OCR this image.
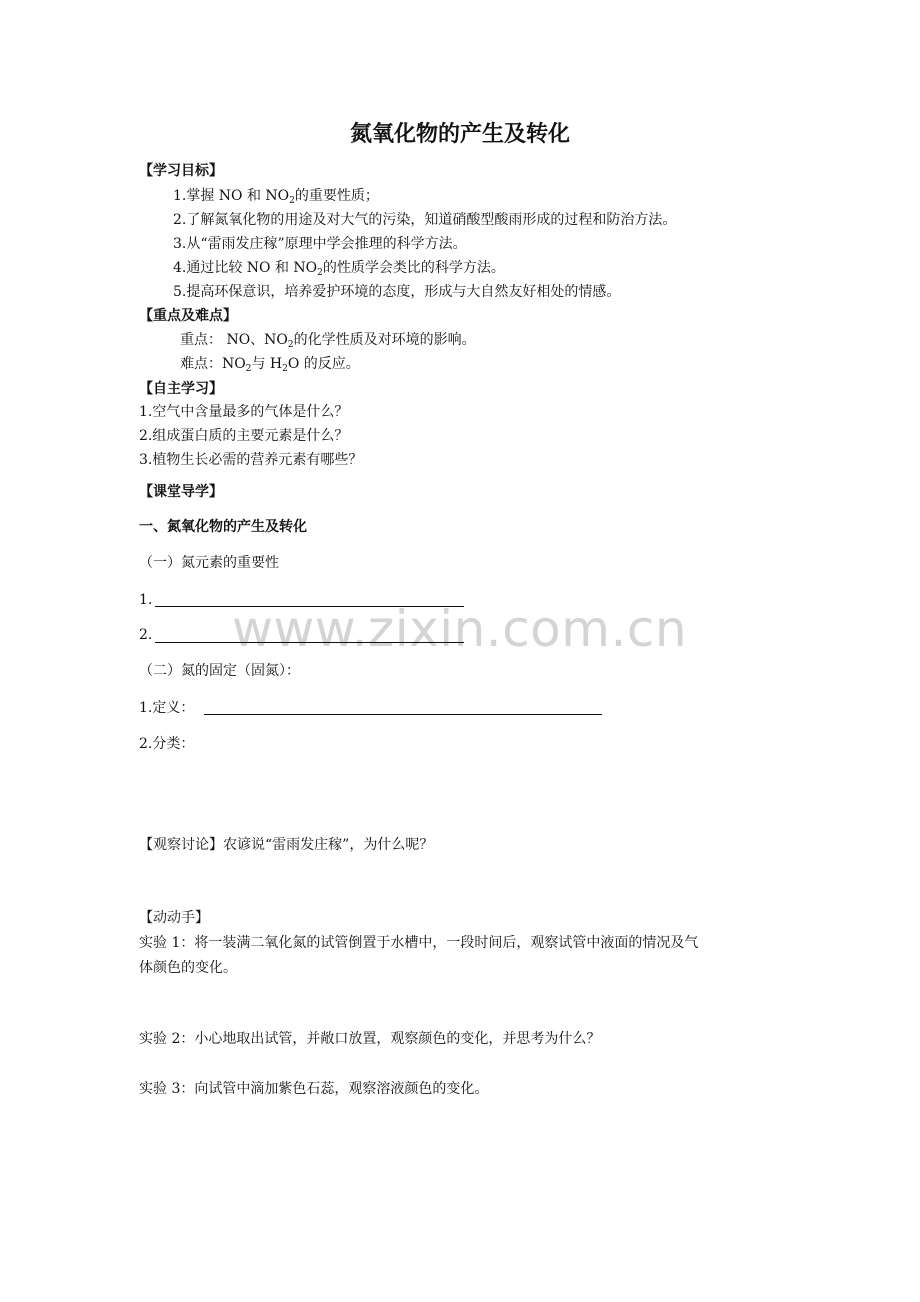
www.zixin.com.cn
氮氧化物的产生及转化
【学习目标】
1.掌握 NO 和 $NO_2$的重要性质；
2.了解氮氧化物的用途及对大气的污染，知道硝酸型酸雨形成的过程和防治方法。
3.从“雷雨发庄稼”原理中学会推理的科学方法。
4.通过比较 NO 和 $NO_2$的性质学会类比的科学方法。
5.提高环保意识，培养爱护环境的态度，形成与大自然友好相处的情感。
【重点及难点】
重点： NO、$NO_2$的化学性质及对环境的影响。
难点：$NO_2$与 $H_2O$ 的反应。
【自主学习】
1.空气中含量最多的气体是什么？
2.组成蛋白质的主要元素是什么？
3.植物生长必需的营养元素有哪些？
【课堂导学】
一、氮氧化物的产生及转化
（一）氮元素的重要性
1.
2.
（二）氮的固定（固氮）：
1.定义：
2.分类：
【观察讨论】农谚说“雷雨发庄稼”，为什么呢？
【动动手】
实验 1：将一装满二氧化氮的试管倒置于水槽中，一段时间后，观察试管中液面的情况及气
体颜色的变化。
实验 2：小心地取出试管，并敞口放置，观察颜色的变化，并思考为什么？
实验 3：向试管中滴加紫色石蕊，观察溶液颜色的变化。
